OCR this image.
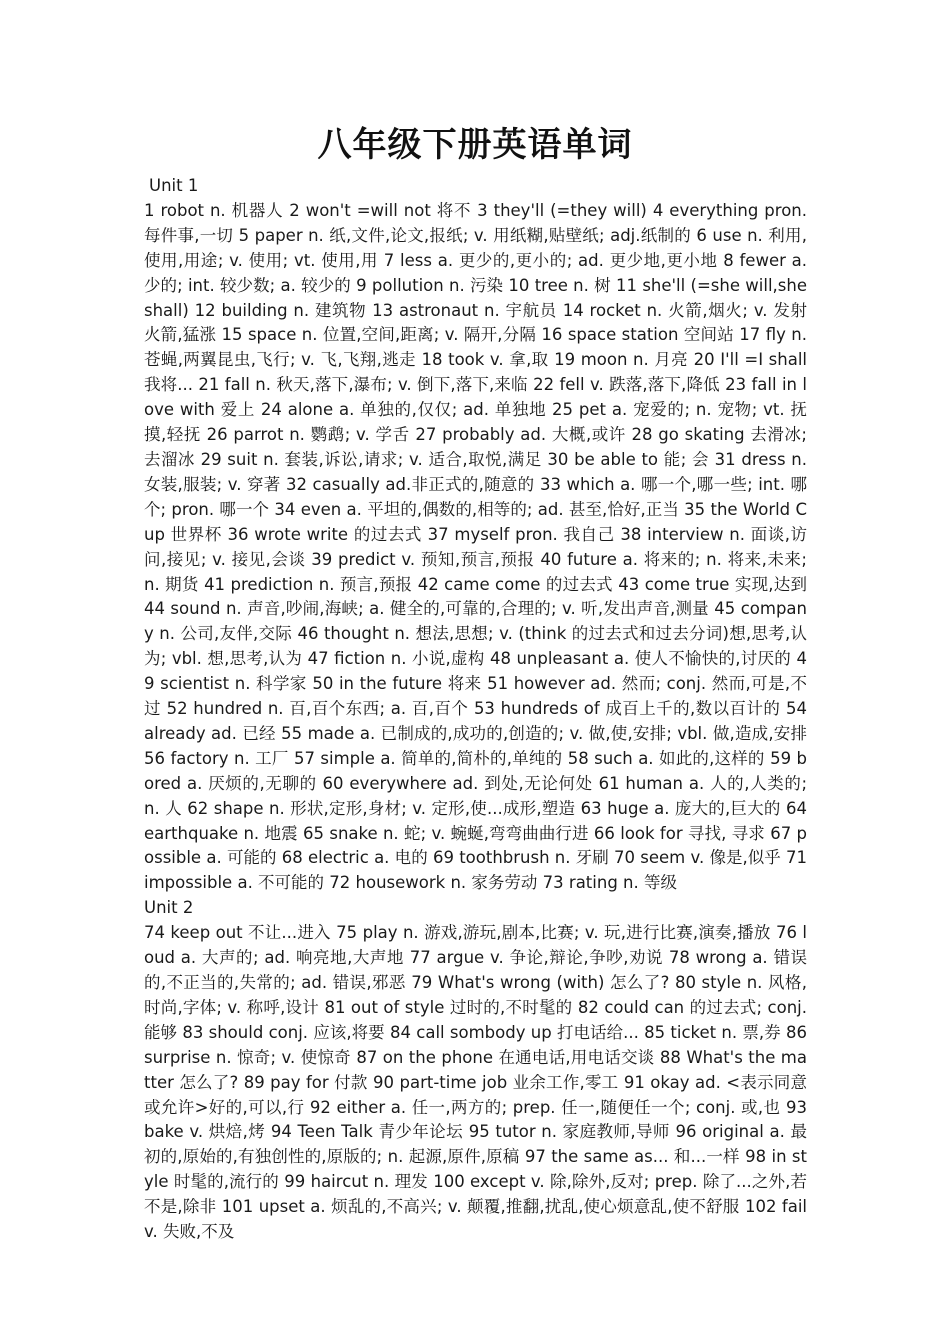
八年级下册英语单词
Unit 1

1 robot n. 机器人 2 won't =will not 将不 3 they'll (=they will) 4 everything pron. 每件事,一切 5 paper n. 纸,文件,论文,报纸; v. 用纸糊,贴壁纸; adj.纸制的 6 use n. 利用,使用,用途; v. 使用; vt. 使用,用 7 less a. 更少的,更小的; ad. 更少地,更小地 8 fewer a. 少的; int. 较少数; a. 较少的 9 pollution n. 污染 10 tree n. 树 11 she'll (=she will,she shall) 12 building n. 建筑物 13 astronaut n. 宇航员 14 rocket n. 火箭,烟火; v. 发射火箭,猛涨 15 space n. 位置,空间,距离; v. 隔开,分隔 16 space station 空间站 17 fly n. 苍蝇,两翼昆虫,飞行; v. 飞,飞翔,逃走 18 took v. 拿,取 19 moon n. 月亮 20 I'll =I shall 我将... 21 fall n. 秋天,落下,瀑布; v. 倒下,落下,来临 22 fell v. 跌落,落下,降低 23 fall in love with 爱上 24 alone a. 单独的,仅仅; ad. 单独地 25 pet a. 宠爱的; n. 宠物; vt. 抚摸,轻抚 26 parrot n. 鹦鹉; v. 学舌 27 probably ad. 大概,或许 28 go skating 去滑冰; 去溜冰 29 suit n. 套装,诉讼,请求; v. 适合,取悦,满足 30 be able to 能; 会 31 dress n. 女装,服装; v. 穿著 32 casually ad.非正式的,随意的 33 which a. 哪一个,哪一些; int. 哪个; pron. 哪一个 34 even a. 平坦的,偶数的,相等的; ad. 甚至,恰好,正当 35 the World Cup 世界杯 36 wrote write 的过去式 37 myself pron. 我自己 38 interview n. 面谈,访问,接见; v. 接见,会谈 39 predict v. 预知,预言,预报 40 future a. 将来的; n. 将来,未来; n. 期货 41 prediction n. 预言,预报 42 came come 的过去式 43 come true 实现,达到 44 sound n. 声音,吵闹,海峡; a. 健全的,可靠的,合理的; v. 听,发出声音,测量 45 company n. 公司,友伴,交际 46 thought n. 想法,思想; v. (think 的过去式和过去分词)想,思考,认为; vbl. 想,思考,认为 47 fiction n. 小说,虚构 48 unpleasant a. 使人不愉快的,讨厌的 49 scientist n. 科学家 50 in the future 将来 51 however ad. 然而; conj. 然而,可是,不过 52 hundred n. 百,百个东西; a. 百,百个 53 hundreds of 成百上千的,数以百计的 54 already ad. 已经 55 made a. 已制成的,成功的,创造的; v. 做,使,安排; vbl. 做,造成,安排 56 factory n. 工厂 57 simple a. 简单的,简朴的,单纯的 58 such a. 如此的,这样的 59 bored a. 厌烦的,无聊的 60 everywhere ad. 到处,无论何处 61 human a. 人的,人类的; n. 人 62 shape n. 形状,定形,身材; v. 定形,使...成形,塑造 63 huge a. 庞大的,巨大的 64 earthquake n. 地震 65 snake n. 蛇; v. 蜿蜒,弯弯曲曲行进 66 look for 寻找, 寻求 67 possible a. 可能的 68 electric a. 电的 69 toothbrush n. 牙刷 70 seem v. 像是,似乎 71 impossible a. 不可能的 72 housework n. 家务劳动 73 rating n. 等级

Unit 2

74 keep out 不让...进入 75 play n. 游戏,游玩,剧本,比赛; v. 玩,进行比赛,演奏,播放 76 loud a. 大声的; ad. 响亮地,大声地 77 argue v. 争论,辩论,争吵,劝说 78 wrong a. 错误的,不正当的,失常的; ad. 错误,邪恶 79 What's wrong (with) 怎么了? 80 style n. 风格,时尚,字体; v. 称呼,设计 81 out of style 过时的,不时髦的 82 could can 的过去式; conj. 能够 83 should conj. 应该,将要 84 call sombody up 打电话给... 85 ticket n. 票,券 86 surprise n. 惊奇; v. 使惊奇 87 on the phone 在通电话,用电话交谈 88 What's the matter 怎么了? 89 pay for 付款 90 part-time job 业余工作,零工 91 okay ad. <表示同意或允许>好的,可以,行 92 either a. 任一,两方的; prep. 任一,随便任一个; conj. 或,也 93 bake v. 烘焙,烤 94 Teen Talk 青少年论坛 95 tutor n. 家庭教师,导师 96 original a. 最初的,原始的,有独创性的,原版的; n. 起源,原件,原稿 97 the same as... 和...一样 98 in style 时髦的,流行的 99 haircut n. 理发 100 except v. 除,除外,反对; prep. 除了...之外,若不是,除非 101 upset a. 烦乱的,不高兴; v. 颠覆,推翻,扰乱,使心烦意乱,使不舒服 102 fail v. 失败,不及
